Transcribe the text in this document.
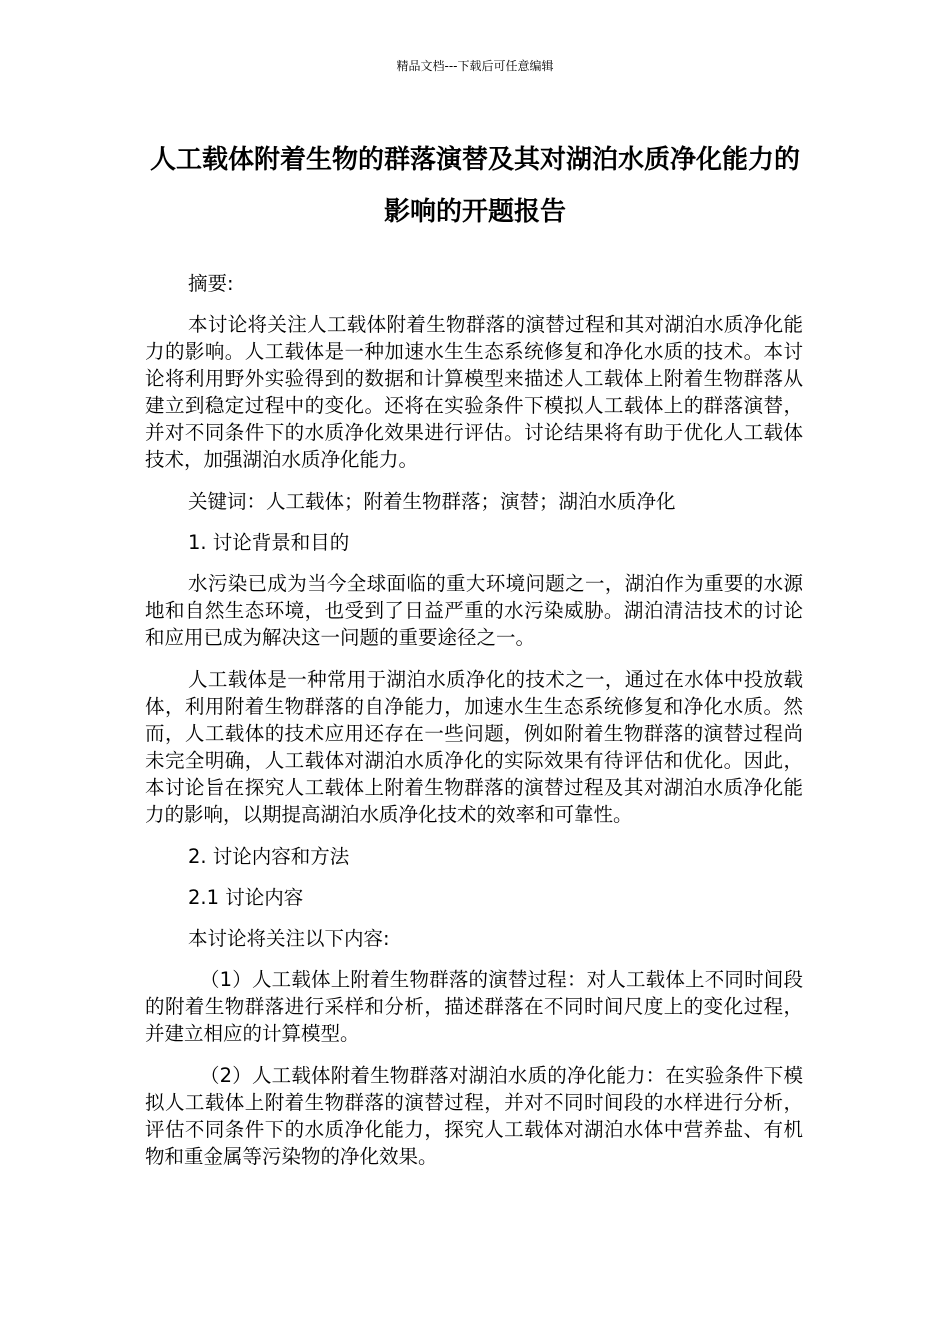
精品文档---下载后可任意编辑
人工载体附着生物的群落演替及其对湖泊水质净化能力的影响的开题报告

摘要:

本讨论将关注人工载体附着生物群落的演替过程和其对湖泊水质净化能力的影响。人工载体是一种加速水生生态系统修复和净化水质的技术。本讨论将利用野外实验得到的数据和计算模型来描述人工载体上附着生物群落从建立到稳定过程中的变化。还将在实验条件下模拟人工载体上的群落演替，并对不同条件下的水质净化效果进行评估。讨论结果将有助于优化人工载体技术，加强湖泊水质净化能力。

关键词：人工载体；附着生物群落；演替；湖泊水质净化

1. 讨论背景和目的

水污染已成为当今全球面临的重大环境问题之一，湖泊作为重要的水源地和自然生态环境，也受到了日益严重的水污染威胁。湖泊清洁技术的讨论和应用已成为解决这一问题的重要途径之一。

人工载体是一种常用于湖泊水质净化的技术之一，通过在水体中投放载体，利用附着生物群落的自净能力，加速水生生态系统修复和净化水质。然而，人工载体的技术应用还存在一些问题，例如附着生物群落的演替过程尚未完全明确，人工载体对湖泊水质净化的实际效果有待评估和优化。因此，本讨论旨在探究人工载体上附着生物群落的演替过程及其对湖泊水质净化能力的影响，以期提高湖泊水质净化技术的效率和可靠性。

2. 讨论内容和方法

2.1 讨论内容

本讨论将关注以下内容:

（1）人工载体上附着生物群落的演替过程：对人工载体上不同时间段的附着生物群落进行采样和分析，描述群落在不同时间尺度上的变化过程，并建立相应的计算模型。

（2）人工载体附着生物群落对湖泊水质的净化能力：在实验条件下模拟人工载体上附着生物群落的演替过程，并对不同时间段的水样进行分析，评估不同条件下的水质净化能力，探究人工载体对湖泊水体中营养盐、有机物和重金属等污染物的净化效果。
